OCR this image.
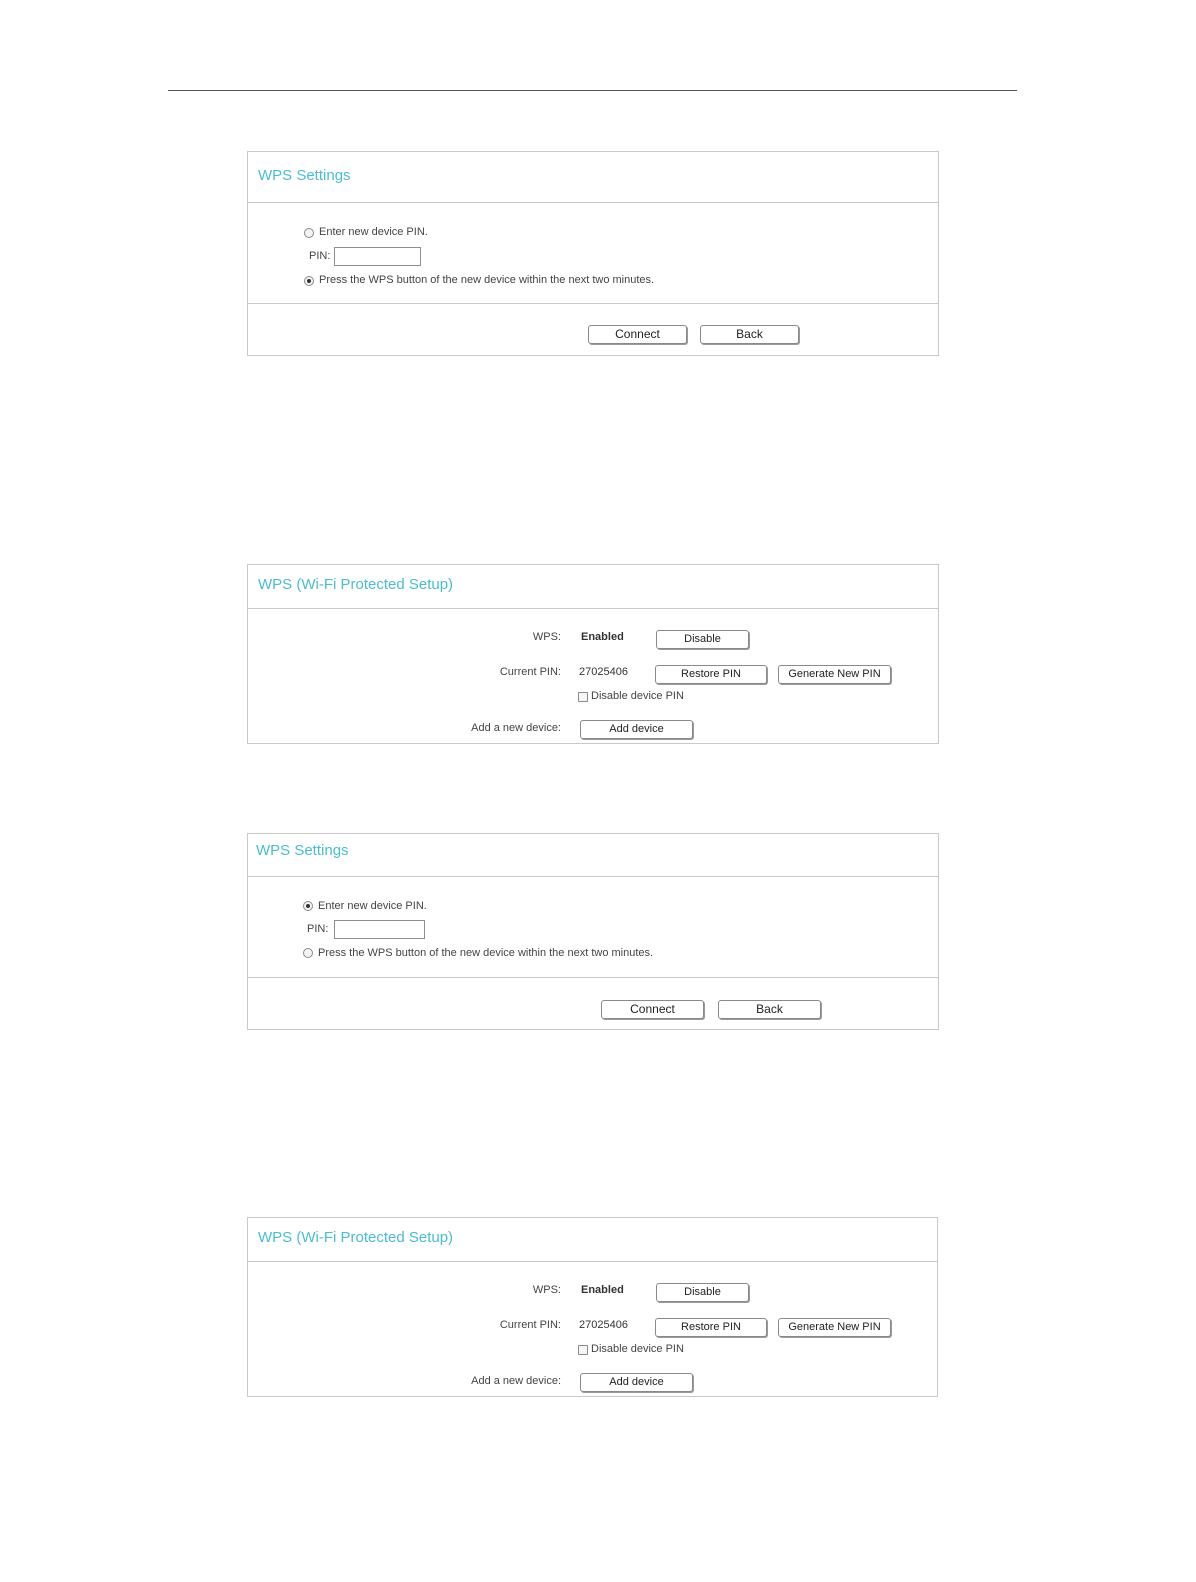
WPS Settings
Enter new device PIN.
PIN:
Press the WPS button of the new device within the next two minutes.
Connect	Back
WPS (Wi-Fi Protected Setup)
WPS: Enabled	Disable
Current PIN: 27025406	Restore PIN	Generate New PIN
Disable device PIN
Add a new device:	Add device
WPS Settings
Enter new device PIN.
PIN:
Press the WPS button of the new device within the next two minutes.
Connect	Back
WPS (Wi-Fi Protected Setup)
WPS: Enabled	Disable
Current PIN: 27025406	Restore PIN	Generate New PIN
Disable device PIN
Add a new device:	Add device
